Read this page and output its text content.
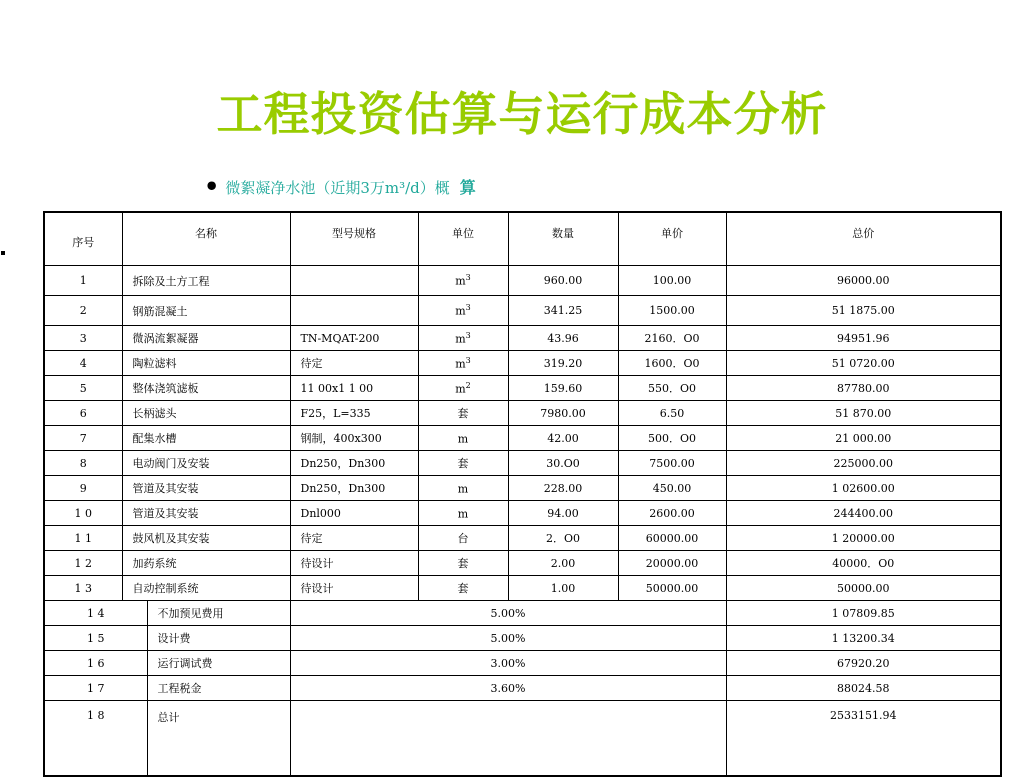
工程投资估算与运行成本分析
• 微絮凝净水池（近期3万m³/d）概 算
序号	名称		型号规格	单位	数量	单价	总价
1	拆除及土方工程			$m^3$	960.00	100.00	96000.00
2	钢筋混凝土			$m^3$	341.25	1500.00	51 1875.00
3	微涡流絮凝器		TN-MQAT-200	$m^3$	43.96	2160．O0	94951.96
4	陶粒滤料		待定	$m^3$	319.20	1600．O0	51 0720.00
5	整体浇筑滤板		11 00x1 1 00	$m^2$	159.60	550．O0	87780.00
6	长柄滤头		F25，L=335	套	7980.00	6.50	51 870.00
7	配集水槽		钢制，400x300	m	42.00	500．O0	21 000.00
8	电动阀门及安装		Dn250，Dn300	套	30.O0	7500.00	225000.00
9	管道及其安装		Dn250，Dn300	m	228.00	450.00	1 02600.00
1 0	管道及其安装		Dnl000	m	94.00	2600.00	244400.00
1 1	鼓风机及其安装		待定	台	2．O0	60000.00	1 20000.00
1 2	加药系统		待设计	套	2.00	20000.00	40000．O0
1 3	自动控制系统		待设计	套	1.00	50000.00	50000.00
1 4		不加预见费用	5.00%				1 07809.85
1 5		设计费	5.00%				1 13200.34
1 6		运行调试费	3.00%				67920.20
1 7		工程税金	3.60%				88024.58
1 8		总计					2533151.94
